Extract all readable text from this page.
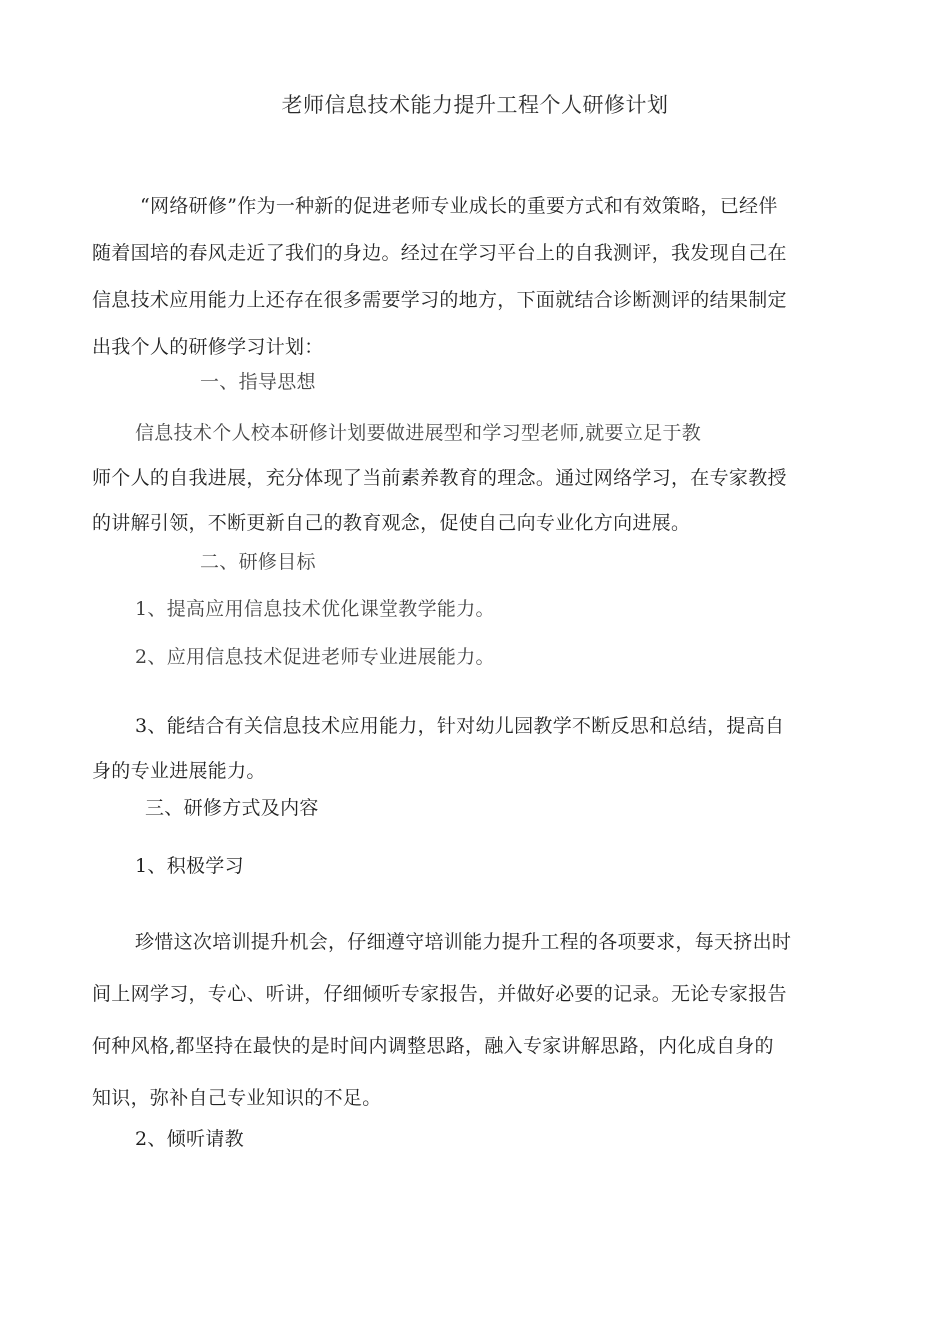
老师信息技术能力提升工程个人研修计划
“网络研修”作为一种新的促进老师专业成长的重要方式和有效策略，已经伴
随着国培的春风走近了我们的身边。经过在学习平台上的自我测评，我发现自己在
信息技术应用能力上还存在很多需要学习的地方，下面就结合诊断测评的结果制定
出我个人的研修学习计划：
一、指导思想
信息技术个人校本研修计划要做进展型和学习型老师,就要立足于教
师个人的自我进展，充分体现了当前素养教育的理念。通过网络学习，在专家教授
的讲解引领，不断更新自己的教育观念，促使自己向专业化方向进展。
二、研修目标
1、提高应用信息技术优化课堂教学能力。
2、应用信息技术促进老师专业进展能力。
3、能结合有关信息技术应用能力，针对幼儿园教学不断反思和总结，提高自
身的专业进展能力。
三、研修方式及内容
1、积极学习
珍惜这次培训提升机会，仔细遵守培训能力提升工程的各项要求，每天挤出时
间上网学习，专心、听讲，仔细倾听专家报告，并做好必要的记录。无论专家报告
何种风格,都坚持在最快的是时间内调整思路，融入专家讲解思路，内化成自身的
知识，弥补自己专业知识的不足。
2、倾听请教
